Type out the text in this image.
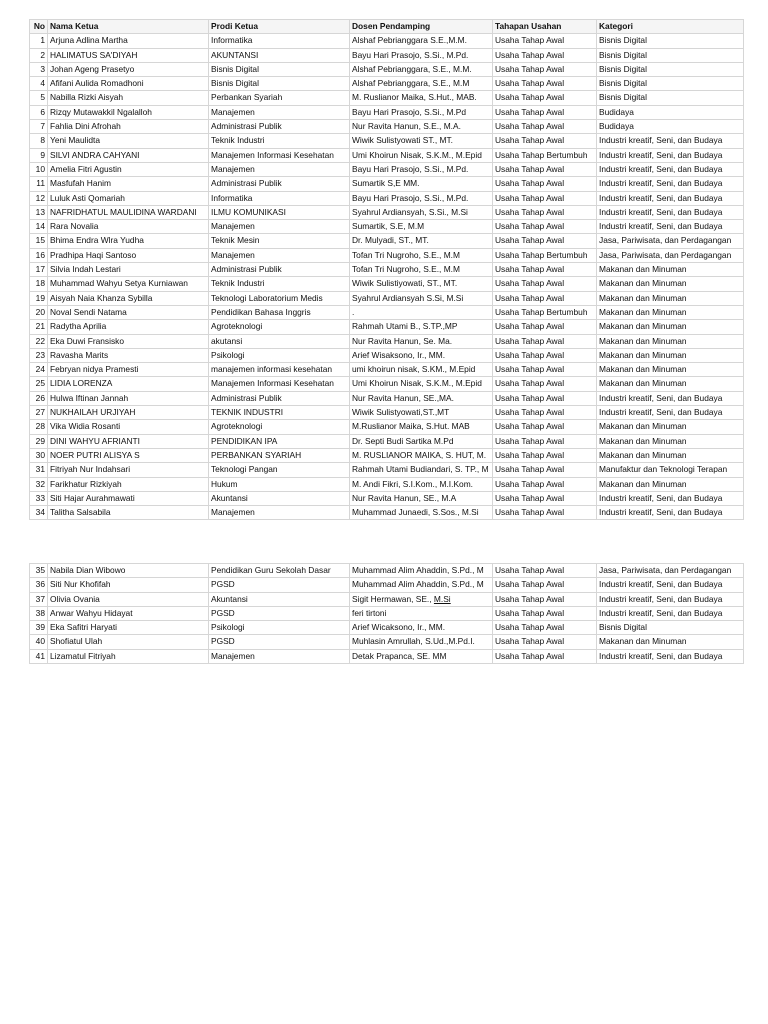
No	Nama Ketua	Prodi Ketua	Dosen Pendamping	Tahapan Usahan	Kategori
1	Arjuna Adlina Martha	Informatika	Alshaf Pebrianggara S.E.,M.M.	Usaha Tahap Awal	Bisnis Digital
2	HALIMATUS SA'DIYAH	AKUNTANSI	Bayu Hari Prasojo, S.Si., M.Pd.	Usaha Tahap Awal	Bisnis Digital
3	Johan Ageng Prasetyo	Bisnis Digital	Alshaf Pebrianggara, S.E., M.M.	Usaha Tahap Awal	Bisnis Digital
4	Afifani Aulida Romadhoni	Bisnis Digital	Alshaf Pebrianggara, S.E., M.M	Usaha Tahap Awal	Bisnis Digital
5	Nabilla Rizki Aisyah	Perbankan Syariah	M. Ruslianor Maika, S.Hut., MAB.	Usaha Tahap Awal	Bisnis Digital
6	Rizqy Mutawakkil Ngalalloh	Manajemen	Bayu Hari Prasojo, S.Si., M.Pd	Usaha Tahap Awal	Budidaya
7	Fahlia Dini Afrohah	Administrasi Publik	Nur Ravita Hanun, S.E., M.A.	Usaha Tahap Awal	Budidaya
8	Yeni Maulidta	Teknik Industri	Wiwik Sulistyowati ST., MT.	Usaha Tahap Awal	Industri kreatif, Seni, dan Budaya
9	SILVI ANDRA CAHYANI	Manajemen Informasi Kesehatan	Umi Khoirun Nisak, S.K.M., M.Epid	Usaha Tahap Bertumbuh	Industri kreatif, Seni, dan Budaya
10	Amelia Fitri Agustin	Manajemen	Bayu Hari Prasojo, S.Si., M.Pd.	Usaha Tahap Awal	Industri kreatif, Seni, dan Budaya
11	Masfufah Hanim	Administrasi Publik	Sumartik S,E MM.	Usaha Tahap Awal	Industri kreatif, Seni, dan Budaya
12	Luluk Asti Qomariah	Informatika	Bayu Hari Prasojo, S.Si., M.Pd.	Usaha Tahap Awal	Industri kreatif, Seni, dan Budaya
13	NAFRIDHATUL MAULIDINA WARDANI	ILMU KOMUNIKASI	Syahrul Ardiansyah, S.Si., M.Si	Usaha Tahap Awal	Industri kreatif, Seni, dan Budaya
14	Rara Novalia	Manajemen	Sumartik, S.E, M.M	Usaha Tahap Awal	Industri kreatif, Seni, dan Budaya
15	Bhima Endra Wlra Yudha	Teknik Mesin	Dr. Mulyadi, ST., MT.	Usaha Tahap Awal	Jasa, Pariwisata, dan Perdagangan
16	Pradhipa Haqi Santoso	Manajemen	Tofan Tri Nugroho, S.E., M.M	Usaha Tahap Bertumbuh	Jasa, Pariwisata, dan Perdagangan
17	Silvia Indah Lestari	Administrasi Publik	Tofan Tri Nugroho, S.E., M.M	Usaha Tahap Awal	Makanan dan Minuman
18	Muhammad Wahyu Setya Kurniawan	Teknik Industri	Wiwik Sulistiyowati, ST., MT.	Usaha Tahap Awal	Makanan dan Minuman
19	Aisyah Naia Khanza Sybilla	Teknologi Laboratorium Medis	Syahrul Ardiansyah S.Si, M.Si	Usaha Tahap Awal	Makanan dan Minuman
20	Noval Sendi Natama	Pendidikan Bahasa Inggris	.	Usaha Tahap Bertumbuh	Makanan dan Minuman
21	Radytha Aprilia	Agroteknologi	Rahmah Utami B., S.TP.,MP	Usaha Tahap Awal	Makanan dan Minuman
22	Eka Duwi Fransisko	akutansi	Nur Ravita Hanun, Se. Ma.	Usaha Tahap Awal	Makanan dan Minuman
23	Ravasha Marits	Psikologi	Arief Wisaksono, Ir., MM.	Usaha Tahap Awal	Makanan dan Minuman
24	Febryan nidya Pramesti	manajemen informasi kesehatan	umi khoirun nisak, S.KM., M.Epid	Usaha Tahap Awal	Makanan dan Minuman
25	LIDIA LORENZA	Manajemen Informasi Kesehatan	Umi Khoirun Nisak, S.K.M., M.Epid	Usaha Tahap Awal	Makanan dan Minuman
26	Hulwa Iftinan Jannah	Administrasi Publik	Nur Ravita Hanun, SE.,MA.	Usaha Tahap Awal	Industri kreatif, Seni, dan Budaya
27	NUKHAILAH URJIYAH	TEKNIK INDUSTRI	Wiwik Sulistyowati,ST.,MT	Usaha Tahap Awal	Industri kreatif, Seni, dan Budaya
28	Vika Widia Rosanti	Agroteknologi	M.Ruslianor Maika, S.Hut. MAB	Usaha Tahap Awal	Makanan dan Minuman
29	DINI WAHYU AFRIANTI	PENDIDIKAN IPA	Dr. Septi Budi Sartika M.Pd	Usaha Tahap Awal	Makanan dan Minuman
30	NOER PUTRI ALISYA S	PERBANKAN SYARIAH	M. RUSLIANOR MAIKA, S. HUT, M.	Usaha Tahap Awal	Makanan dan Minuman
31	Fitriyah Nur Indahsari	Teknologi Pangan	Rahmah Utami Budiandari, S. TP., M	Usaha Tahap Awal	Manufaktur dan Teknologi Terapan
32	Farikhatur Rizkiyah	Hukum	M. Andi Fikri, S.I.Kom., M.I.Kom.	Usaha Tahap Awal	Makanan dan Minuman
33	Siti Hajar Aurahmawati	Akuntansi	Nur Ravita Hanun, SE., M.A	Usaha Tahap Awal	Industri kreatif, Seni, dan Budaya
34	Talitha Salsabila	Manajemen	Muhammad Junaedi, S.Sos., M.Si	Usaha Tahap Awal	Industri kreatif, Seni, dan Budaya
35	Nabila Dian Wibowo	Pendidikan Guru Sekolah Dasar	Muhammad Alim Ahaddin, S.Pd., M	Usaha Tahap Awal	Jasa, Pariwisata, dan Perdagangan
36	Siti Nur Khofifah	PGSD	Muhammad Alim Ahaddin, S.Pd., M	Usaha Tahap Awal	Industri kreatif, Seni, dan Budaya
37	Olivia Ovania	Akuntansi	Sigit Hermawan, SE., M.Si	Usaha Tahap Awal	Industri kreatif, Seni, dan Budaya
38	Anwar Wahyu Hidayat	PGSD	feri tirtoni	Usaha Tahap Awal	Industri kreatif, Seni, dan Budaya
39	Eka Safitri Haryati	Psikologi	Arief Wicaksono, Ir., MM.	Usaha Tahap Awal	Bisnis Digital
40	Shofiatul Ulah	PGSD	Muhlasin Amrullah, S.Ud.,M.Pd.I.	Usaha Tahap Awal	Makanan dan Minuman
41	Lizamatul Fitriyah	Manajemen	Detak Prapanca, SE. MM	Usaha Tahap Awal	Industri kreatif, Seni, dan Budaya
